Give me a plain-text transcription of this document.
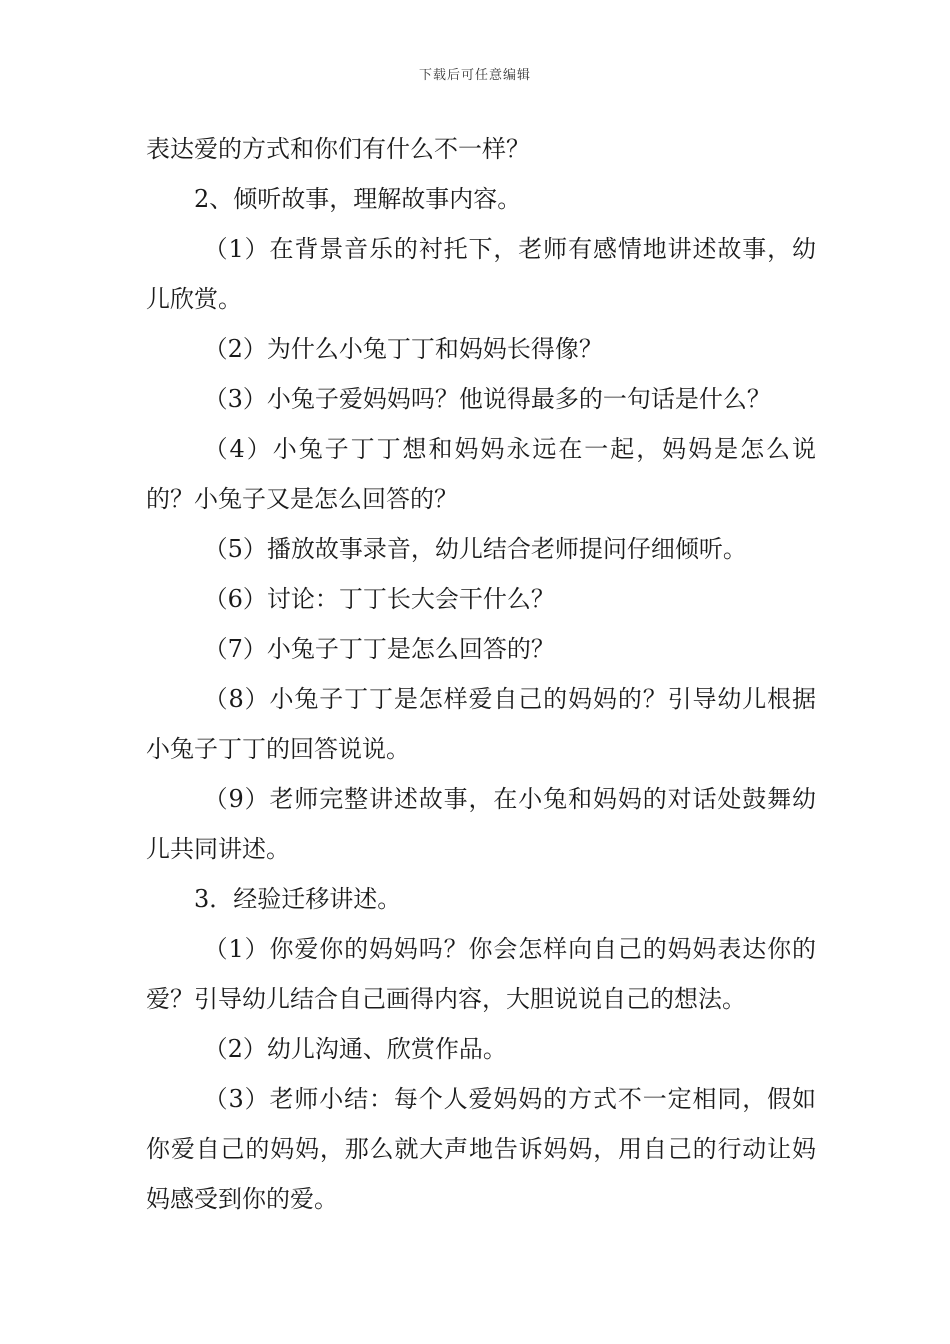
下载后可任意编辑

表达爱的方式和你们有什么不一样？

2、倾听故事，理解故事内容。

（1）在背景音乐的衬托下，老师有感情地讲述故事，幼儿欣赏。

（2）为什么小兔丁丁和妈妈长得像？

（3）小兔子爱妈妈吗？他说得最多的一句话是什么？

（4）小兔子丁丁想和妈妈永远在一起，妈妈是怎么说的？小兔子又是怎么回答的？

（5）播放故事录音，幼儿结合老师提问仔细倾听。

（6）讨论：丁丁长大会干什么？

（7）小兔子丁丁是怎么回答的？

（8）小兔子丁丁是怎样爱自己的妈妈的？引导幼儿根据小兔子丁丁的回答说说。

（9）老师完整讲述故事，在小兔和妈妈的对话处鼓舞幼儿共同讲述。

3．经验迁移讲述。

（1）你爱你的妈妈吗？你会怎样向自己的妈妈表达你的爱？引导幼儿结合自己画得内容，大胆说说自己的想法。

（2）幼儿沟通、欣赏作品。

（3）老师小结：每个人爱妈妈的方式不一定相同，假如你爱自己的妈妈，那么就大声地告诉妈妈，用自己的行动让妈妈感受到你的爱。
